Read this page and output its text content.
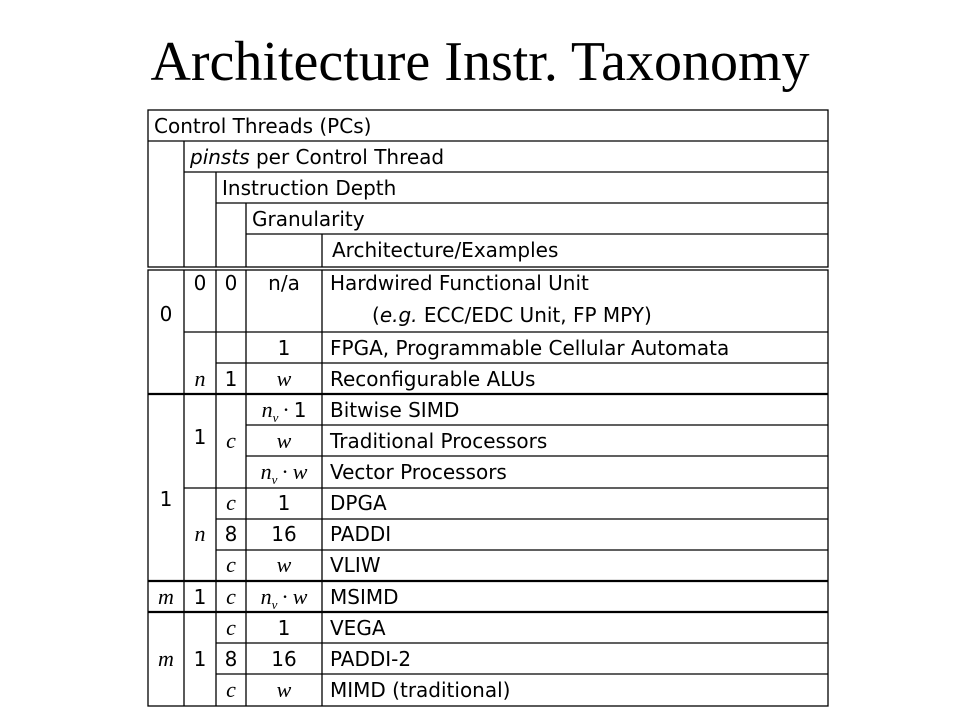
Architecture Instr. Taxonomy
Control Threads (PCs)
pinsts per Control Thread
Instruction Depth
Granularity
Architecture/Examples
0
1
m
m
0
n
1
n
1
1
0
1
c
c
8
c
c
c
8
c
n/a
1
w
$n_v \cdot 1$
w
$n_v \cdot w$
1
16
w
$n_v \cdot w$
1
16
w
Hardwired Functional Unit
(e.g. ECC/EDC Unit, FP MPY)
FPGA, Programmable Cellular Automata
Reconfigurable ALUs
Bitwise SIMD
Traditional Processors
Vector Processors
DPGA
PADDI
VLIW
MSIMD
VEGA
PADDI-2
MIMD (traditional)
